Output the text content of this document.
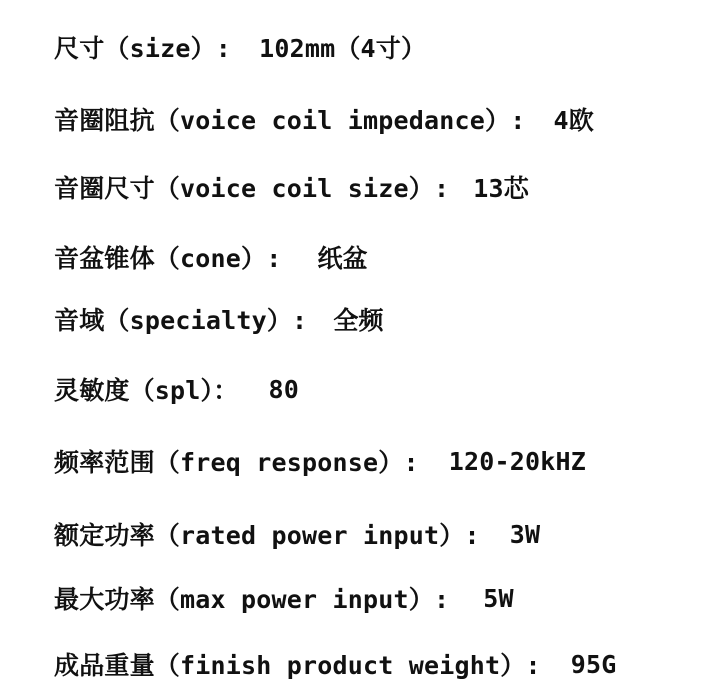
尺寸（size）: 102mm（4寸）
音圈阻抗（voice coil impedance）: 4欧
音圈尺寸（voice coil size）: 13芯
音盆锥体（cone）: 纸盆
音域（specialty）: 全频
灵敏度（spl）： 80
频率范围（freq response）: 120-20kHZ
额定功率（rated power input）: 3W
最大功率（max power input）: 5W
成品重量（finish product weight）: 95G
